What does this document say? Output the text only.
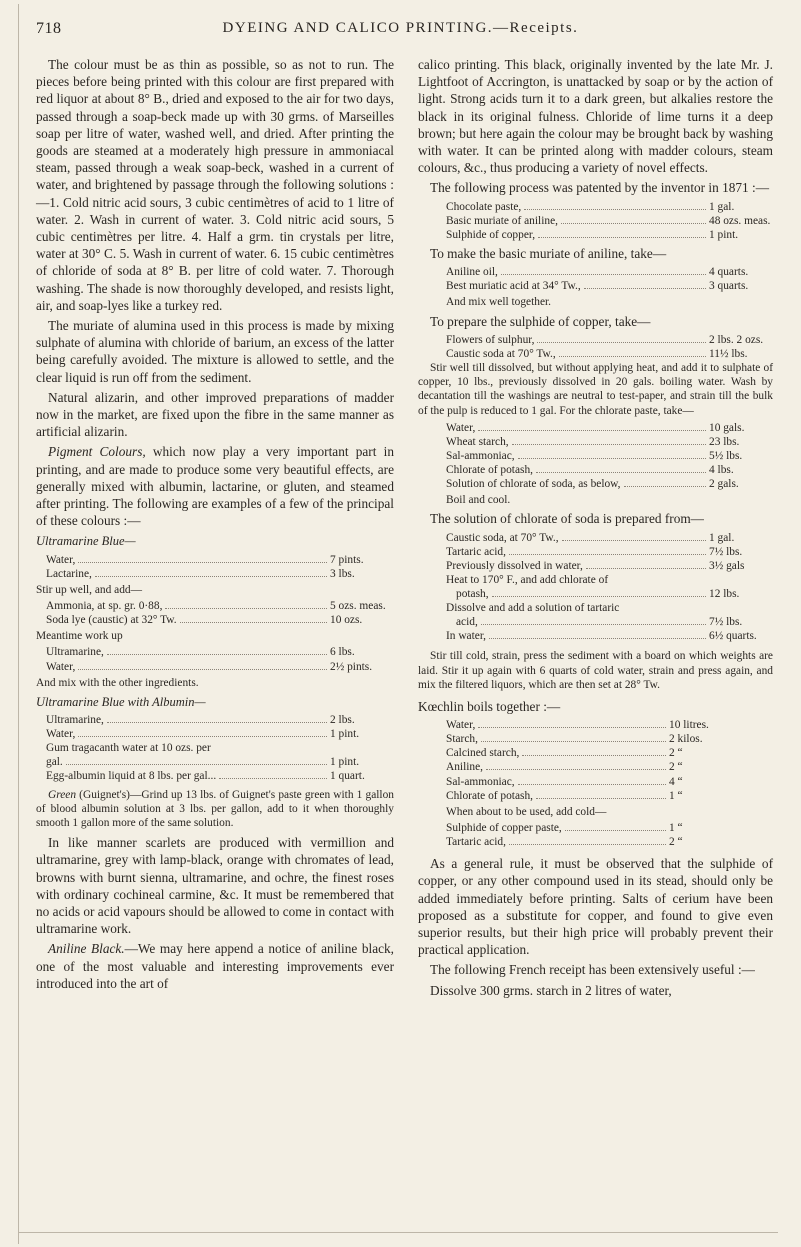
718	DYEING AND CALICO PRINTING.—Receipts.

The colour must be as thin as possible, so as not to run. The pieces before being printed with this colour are first prepared with red liquor at about 8° B., dried and exposed to the air for two days, passed through a soap-beck made up with 30 grms. of Marseilles soap per litre of water, washed well, and dried. After printing the goods are steamed at a moderately high pressure in ammoniacal steam, passed through a weak soap-beck, washed in a current of water, and brightened by passage through the following solutions :—1. Cold nitric acid sours, 3 cubic centimètres of acid to 1 litre of water. 2. Wash in current of water. 3. Cold nitric acid sours, 5 cubic centimètres per litre. 4. Half a grm. tin crystals per litre, water at 30° C. 5. Wash in current of water. 6. 15 cubic centimètres of chloride of soda at 8° B. per litre of cold water. 7. Thorough washing. The shade is now thoroughly developed, and resists light, air, and soap-lyes like a turkey red.

The muriate of alumina used in this process is made by mixing sulphate of alumina with chloride of barium, an excess of the latter being carefully avoided. The mixture is allowed to settle, and the clear liquid is run off from the sediment.

Natural alizarin, and other improved preparations of madder now in the market, are fixed upon the fibre in the same manner as artificial alizarin.

Pigment Colours, which now play a very important part in printing, and are made to produce some very beautiful effects, are generally mixed with albumin, lactarine, or gluten, and steamed after printing. The following are examples of a few of the principal of these colours :—

Ultramarine Blue—
Water,	7 pints.
Lactarine,	3 lbs.
Stir up well, and add—
Ammonia, at sp. gr. 0·88,	5 ozs. meas.
Soda lye (caustic) at 32° Tw.	10 ozs.
Meantime work up
Ultramarine,	6 lbs.
Water,	2½ pints.
And mix with the other ingredients.
Ultramarine Blue with Albumin—
Ultramarine,	2 lbs.
Water,	1 pint.
Gum tragacanth water at 10 ozs. per
gal.	1 pint.
Egg-albumin liquid at 8 lbs. per gal...	1 quart.

Green (Guignet's)—Grind up 13 lbs. of Guignet's paste green with 1 gallon of blood albumin solution at 3 lbs. per gallon, add to it when thoroughly smooth 1 gallon more of the same solution.

In like manner scarlets are produced with vermillion and ultramarine, grey with lamp-black, orange with chromates of lead, browns with burnt sienna, ultramarine, and ochre, the finest roses with ordinary cochineal carmine, &c. It must be remembered that no acids or acid vapours should be allowed to come in contact with ultramarine work.

Aniline Black.—We may here append a notice of aniline black, one of the most valuable and interesting improvements ever introduced into the art of

calico printing. This black, originally invented by the late Mr. J. Lightfoot of Accrington, is unattacked by soap or by the action of light. Strong acids turn it to a dark green, but alkalies restore the black in its original fulness. Chloride of lime turns it a deep brown; but here again the colour may be brought back by washing with water. It can be printed along with madder colours, steam colours, &c., thus producing a variety of novel effects.

The following process was patented by the inventor in 1871 :—

Chocolate paste,	1 gal.
Basic muriate of aniline,	48 ozs. meas.
Sulphide of copper,	1 pint.

To make the basic muriate of aniline, take—

Aniline oil,	4 quarts.
Best muriatic acid at 34° Tw.,	3 quarts.
And mix well together.

To prepare the sulphide of copper, take—

Flowers of sulphur,	2 lbs. 2 ozs.
Caustic soda at 70° Tw.,	11½ lbs.

Stir well till dissolved, but without applying heat, and add it to sulphate of copper, 10 lbs., previously dissolved in 20 gals. boiling water. Wash by decantation till the washings are neutral to test-paper, and strain till the bulk of the pulp is reduced to 1 gal. For the chlorate paste, take—

Water,	10 gals.
Wheat starch,	23 lbs.
Sal-ammoniac,	5½ lbs.
Chlorate of potash,	4 lbs.
Solution of chlorate of soda, as below,	2 gals.
Boil and cool.

The solution of chlorate of soda is prepared from—

Caustic soda, at 70° Tw.,	1 gal.
Tartaric acid,	7½ lbs.
Previously dissolved in water,	3½ gals
Heat to 170° F., and add chlorate of
potash,	12 lbs.
Dissolve and add a solution of tartaric
acid,	7½ lbs.
In water,	6½ quarts.

Stir till cold, strain, press the sediment with a board on which weights are laid. Stir it up again with 6 quarts of cold water, strain and press again, and mix the filtered liquors, which are then set at 28° Tw.

Kœchlin boils together :—

Water,	10 litres.
Starch,	2 kilos.
Calcined starch,	2 “
Aniline,	2 “
Sal-ammoniac,	4 “
Chlorate of potash,	1 “
When about to be used, add cold—
Sulphide of copper paste,	1 “
Tartaric acid,	2 “

As a general rule, it must be observed that the sulphide of copper, or any other compound used in its stead, should only be added immediately before printing. Salts of cerium have been proposed as a substitute for copper, and found to give even superior results, but their high price will probably prevent their practical application.

The following French receipt has been extensively useful :—

Dissolve 300 grms. starch in 2 litres of water,
